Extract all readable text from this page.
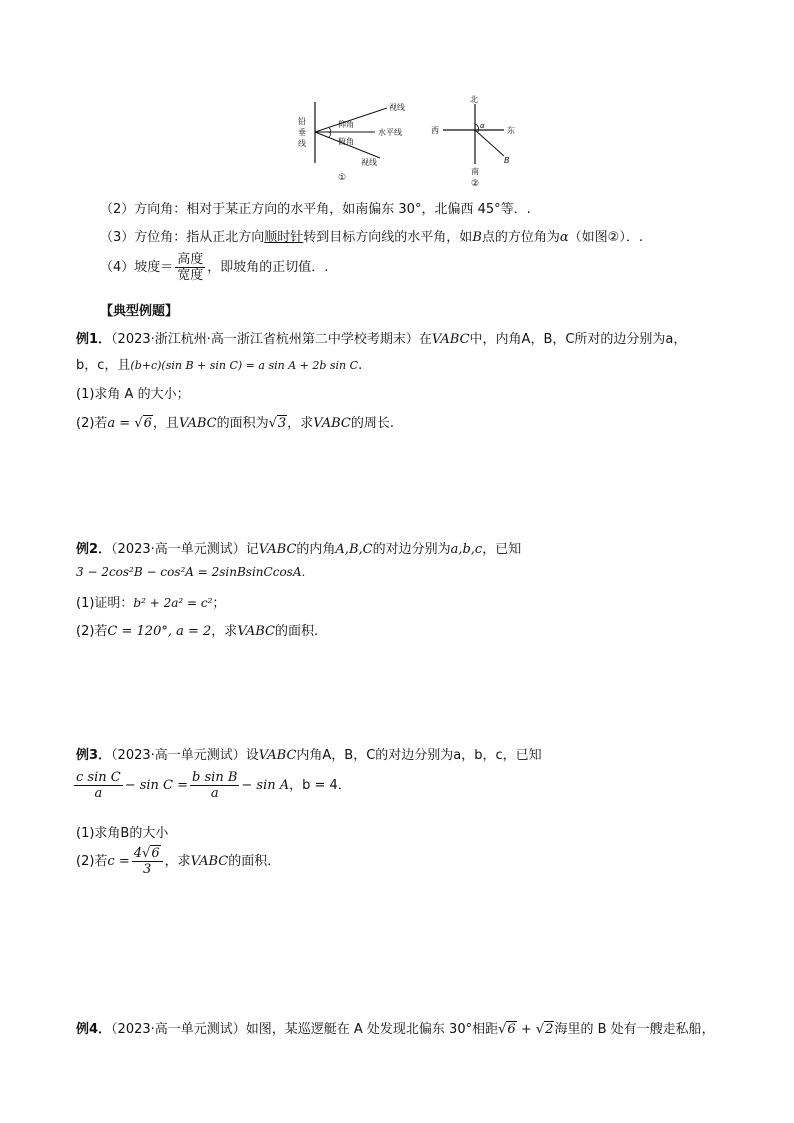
铅
垂
线
视线
仰角
水平线
俯角
视线
①
北
西	东
α
B
南
②
（2）方向角：相对于某正方向的水平角，如南偏东 30°，北偏西 45°等．.
（3）方位角：指从正北方向顺时针转到目标方向线的水平角，如B点的方位角为α（如图②）．.
（4）坡度＝ $\frac{\text{高度}}{\text{宽度}}$ ，即坡角的正切值．.
【典型例题】
例1．（2023·浙江杭州·高一浙江省杭州第二中学校考期末）在VABC中，内角A，B，C所对的边分别为a，
b，c，且(b+c)(sin B + sin C) = a sin A + 2b sin C.
(1)求角 A 的大小；
(2)若a = √6，且VABC的面积为√3，求VABC的周长.
例2．（2023·高一单元测试）记VABC的内角A,B,C的对边分别为a,b,c，已知
3 − 2cos²B − cos²A = 2sinBsinCcosA.
(1)证明：b² + 2a² = c²；
(2)若C = 120°, a = 2，求VABC的面积.
例3．（2023·高一单元测试）设VABC内角A，B，C的对边分别为a，b，c，已知
$\frac{\text{c sin C}}{a} - \sin C = \frac{\text{b sin B}}{a} - \sin A$，b = 4．
(1)求角B的大小
(2)若$c = \frac{4√6}{3}$ ，求VABC的面积．
例4．（2023·高一单元测试）如图，某巡逻艇在 A 处发现北偏东 30°相距√6 + √2海里的 B 处有一艘走私船，
